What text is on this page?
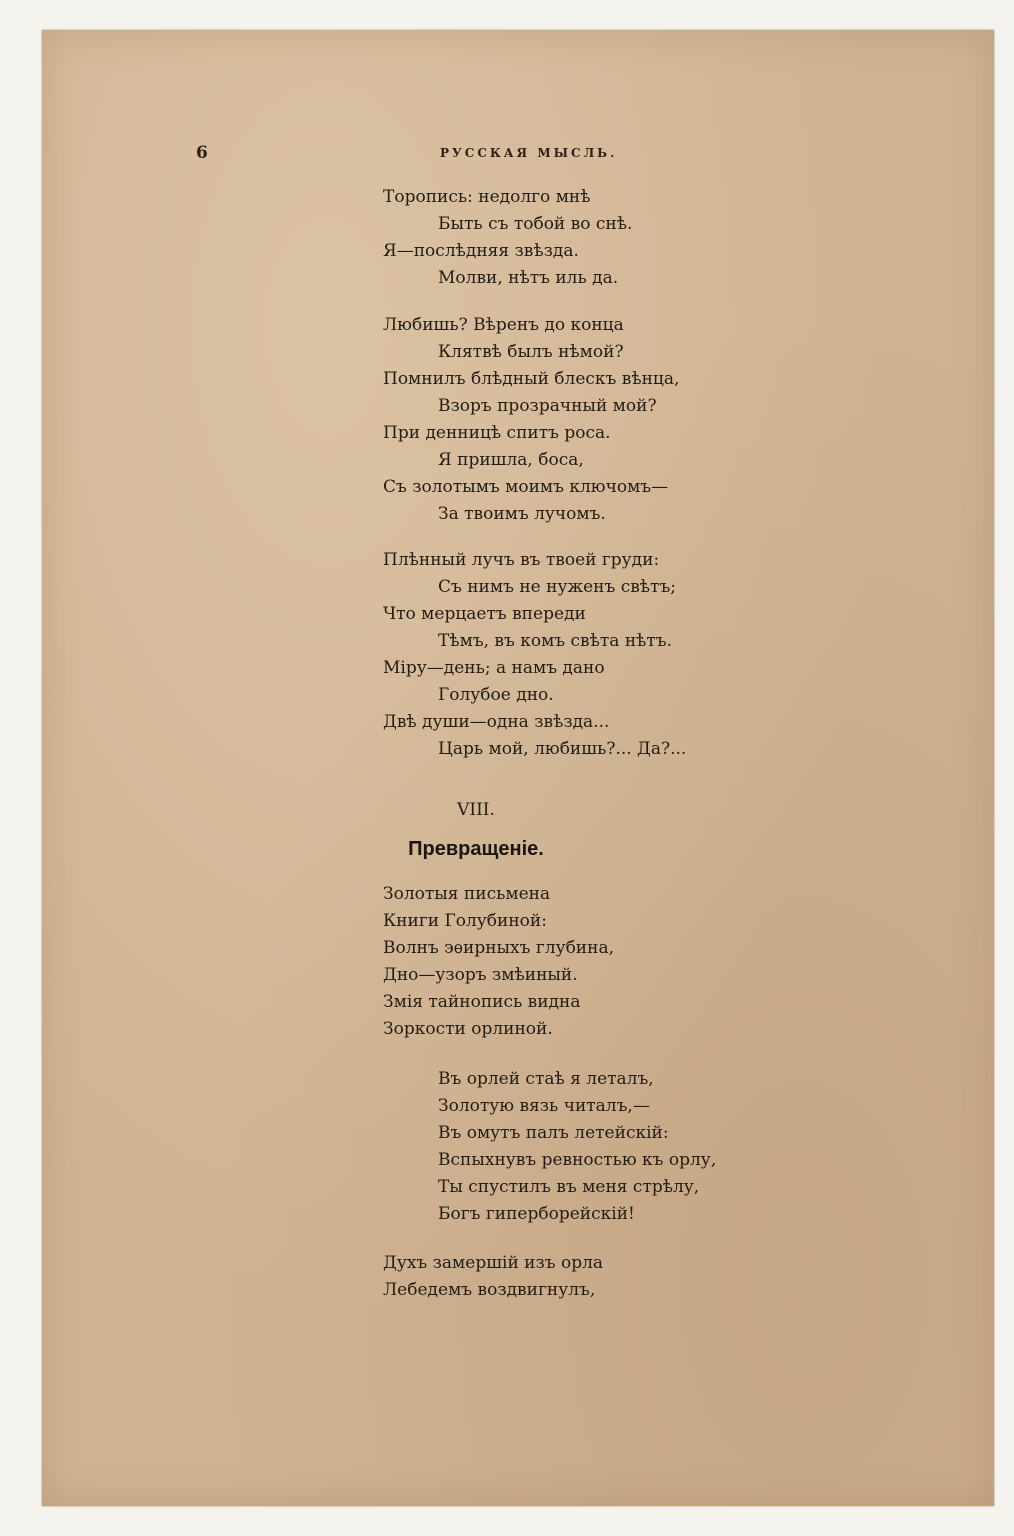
6	РУССКАЯ МЫСЛЬ.
Торопись: недолго мнѣ
Быть съ тобой во снѣ.
Я—послѣдняя звѣзда.
Молви, нѣтъ иль да.
Любишь? Вѣренъ до конца
Клятвѣ былъ нѣмой?
Помнилъ блѣдный блескъ вѣнца,
Взоръ прозрачный мой?
При денницѣ спитъ роса.
Я пришла, боса,
Съ золотымъ моимъ ключомъ—
За твоимъ лучомъ.
Плѣнный лучъ въ твоей груди:
Съ нимъ не нуженъ свѣтъ;
Что мерцаетъ впереди
Тѣмъ, въ комъ свѣта нѣтъ.
Міру—день; а намъ дано
Голубое дно.
Двѣ души—одна звѣзда...
Царь мой, любишь?... Да?...
VIII.
Превращеніе.
Золотыя письмена
Книги Голубиной:
Волнъ эѳирныхъ глубина,
Дно—узоръ змѣиный.
Змія тайнопись видна
Зоркости орлиной.
Въ орлей стаѣ я леталъ,
Золотую вязь читалъ,—
Въ омутъ палъ летейскій:
Вспыхнувъ ревностью къ орлу,
Ты спустилъ въ меня стрѣлу,
Богъ гиперборейскій!
Духъ замершій изъ орла
Лебедемъ воздвигнулъ,
